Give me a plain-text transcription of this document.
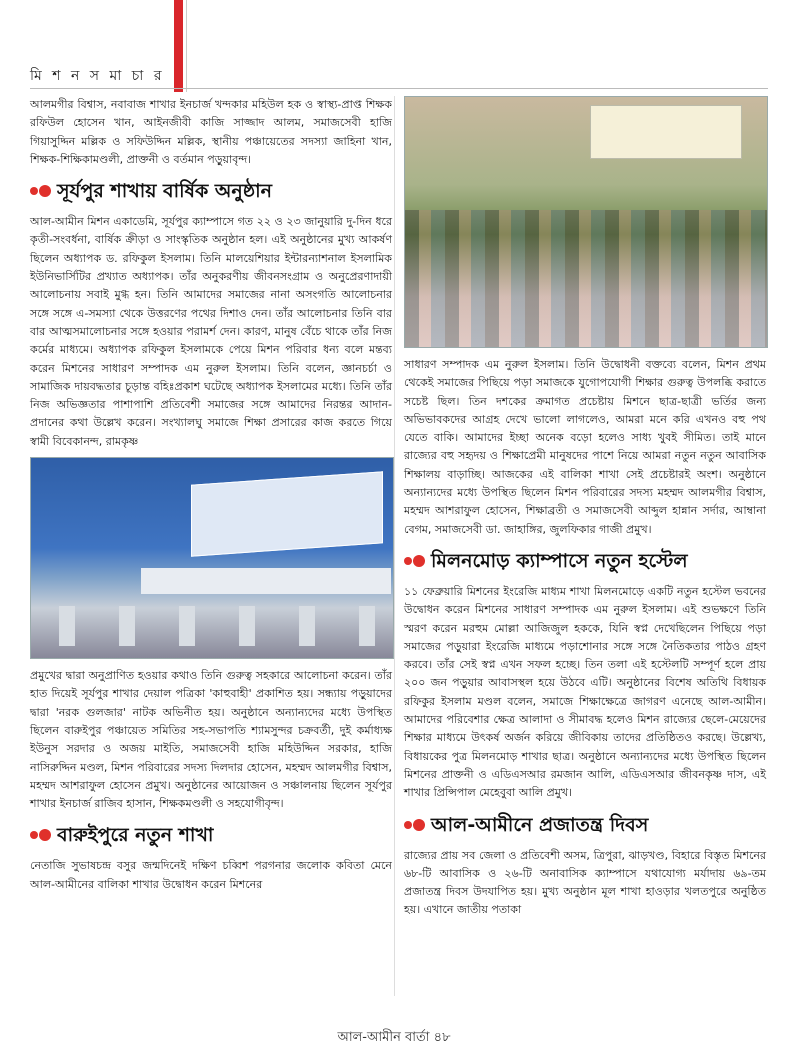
মি শ ন স মা চা র

আলমগীর বিশ্বাস, নবাবাজ শাখার ইনচার্জ খন্দকার মহিউল হক ও স্বাস্থ্য-প্রাপ্ত শিক্ষক রফিউল হোসেন খান, আইনজীবী কাজি সাজ্জাদ আলম, সমাজসেবী হাজি গিয়াসুদ্দিন মল্লিক ও সফিউদ্দিন মল্লিক, স্থানীয় পঞ্চায়েতের সদস্যা জাহিনা খান, শিক্ষক-শিক্ষিকামণ্ডলী, প্রাক্তনী ও বর্তমান পড়ুয়াবৃন্দ।

সূর্যপুর শাখায় বার্ষিক অনুষ্ঠান

আল-আমীন মিশন একাডেমি, সূর্যপুর ক্যাম্পাসে গত ২২ ও ২৩ জানুয়ারি দু-দিন ধরে কৃতী-সংবর্ধনা, বার্ষিক ক্রীড়া ও সাংস্কৃতিক অনুষ্ঠান হল। এই অনুষ্ঠানের মুখ্য আকর্ষণ ছিলেন অধ্যাপক ড. রফিকুল ইসলাম। তিনি মালয়েশিয়ার ইন্টারন্যাশনাল ইসলামিক ইউনিভার্সিটির প্রখ্যাত অধ্যাপক। তাঁর অনুকরণীয় জীবনসংগ্রাম ও অনুপ্রেরণাদায়ী আলোচনায় সবাই মুগ্ধ হন। তিনি আমাদের সমাজের নানা অসংগতি আলোচনার সঙ্গে সঙ্গে এ-সমস্যা থেকে উত্তরণের পথের দিশাও দেন। তাঁর আলোচনার তিনি বার বার আত্মসমালোচনার সঙ্গে হওয়ার পরামর্শ দেন। কারণ, মানুষ বেঁচে থাকে তাঁর নিজ কর্মের মাধ্যমে। অধ্যাপক রফিকুল ইসলামকে পেয়ে মিশন পরিবার ধন্য বলে মন্তব্য করেন মিশনের সাধারণ সম্পাদক এম নুরুল ইসলাম। তিনি বলেন, জ্ঞানচর্চা ও সামাজিক দায়বদ্ধতার চূড়ান্ত বহিঃপ্রকাশ ঘটেছে অধ্যাপক ইসলামের মধ্যে। তিনি তাঁর নিজ অভিজ্ঞতার পাশাপাশি প্রতিবেশী সমাজের সঙ্গে আমাদের নিরন্তর আদান-প্রদানের কথা উল্লেখ করেন। সংখ্যালঘু সমাজে শিক্ষা প্রসারের কাজ করতে গিয়ে স্বামী বিবেকানন্দ, রামকৃষ্ণ

প্রমুখের দ্বারা অনুপ্রাণিত হওয়ার কথাও তিনি গুরুত্ব সহকারে আলোচনা করেন। তাঁর হাত দিয়েই সূর্যপুর শাখার দেয়াল পত্রিকা 'কাহুবাহী' প্রকাশিত হয়। সন্ধ্যায় পড়ুয়াদের দ্বারা 'নরক গুলজার' নাটক অভিনীত হয়। অনুষ্ঠানে অন্যান্যদের মধ্যে উপস্থিত ছিলেন বারুইপুর পঞ্চায়েত সমিতির সহ-সভাপতি শ্যামসুন্দর চক্রবর্তী, দুই কর্মাধ্যক্ষ ইউনুস সরদার ও অজয় মাইতি, সমাজসেবী হাজি মহিউদ্দিন সরকার, হাজি নাসিরুদ্দিন মণ্ডল, মিশন পরিবারের সদস্য দিলদার হোসেন, মহম্মদ আলমগীর বিশ্বাস, মহম্মদ আশরাফুল হোসেন প্রমুখ। অনুষ্ঠানের আয়োজন ও সঞ্চালনায় ছিলেন সূর্যপুর শাখার ইনচার্জ রাজিব হাসান, শিক্ষকমণ্ডলী ও সহযোগীবৃন্দ।

বারুইপুরে নতুন শাখা

নেতাজি সুভাষচন্দ্র বসুর জন্মদিনেই দক্ষিণ চব্বিশ পরগনার জলোক কবিতা মেনে আল-আমীনের বালিকা শাখার উদ্বোধন করেন মিশনের

সাধারণ সম্পাদক এম নুরুল ইসলাম। তিনি উদ্বোধনী বক্তব্যে বলেন, মিশন প্রথম থেকেই সমাজের পিছিয়ে পড়া সমাজকে যুগোপযোগী শিক্ষার গুরুত্ব উপলব্ধি করাতে সচেষ্ট ছিল। তিন দশকের ক্রমাগত প্রচেষ্টায় মিশনে ছাত্র-ছাত্রী ভর্তির জন্য অভিভাবকদের আগ্রহ দেখে ভালো লাগলেও, আমরা মনে করি এখনও বহু পথ যেতে বাকি। আমাদের ইচ্ছা অনেক বড়ো হলেও সাধ্য খুবই সীমিত। তাই মানে রাজ্যের বহু সহৃদয় ও শিক্ষাপ্রেমী মানুষদের পাশে নিয়ে আমরা নতুন নতুন আবাসিক শিক্ষালয় বাড়াচ্ছি। আজকের এই বালিকা শাখা সেই প্রচেষ্টারই অংশ। অনুষ্ঠানে অন্যান্যদের মধ্যে উপস্থিত ছিলেন মিশন পরিবারের সদস্য মহম্মদ আলমগীর বিশ্বাস, মহম্মদ আশরাফুল হোসেন, শিক্ষাব্রতী ও সমাজসেবী আব্দুল হান্নান সর্দার, আম্বানা বেগম, সমাজসেবী ডা. জাহাঙ্গির, জুলফিকার গাজী প্রমুখ।

মিলনমোড় ক্যাম্পাসে নতুন হস্টেল

১১ ফেব্রুয়ারি মিশনের ইংরেজি মাধ্যম শাখা মিলনমোড়ে একটি নতুন হস্টেল ভবনের উদ্বোধন করেন মিশনের সাধারণ সম্পাদক এম নুরুল ইসলাম। এই শুভক্ষণে তিনি স্মরণ করেন মরহুম মোল্লা আজিজুল হককে, যিনি স্বপ্ন দেখেছিলেন পিছিয়ে পড়া সমাজের পড়ুয়ারা ইংরেজি মাধ্যমে পড়াশোনার সঙ্গে সঙ্গে নৈতিকতার পাঠও গ্রহণ করবে। তাঁর সেই স্বপ্ন এখন সফল হচ্ছে। তিন তলা এই হস্টেলটি সম্পূর্ণ হলে প্রায় ২০০ জন পড়ুয়ার আবাসস্থল হয়ে উঠবে এটি। অনুষ্ঠানের বিশেষ অতিথি বিধায়ক রফিকুর ইসলাম মণ্ডল বলেন, সমাজে শিক্ষাক্ষেত্রে জাগরণ এনেছে আল-আমীন। আমাদের পরিবেশার ক্ষেত্র আলাদা ও সীমাবদ্ধ হলেও মিশন রাজ্যের ছেলে-মেয়েদের শিক্ষার মাধ্যমে উৎকর্ষ অর্জন করিয়ে জীবিকায় তাদের প্রতিষ্ঠিতও করছে। উল্লেখ্য, বিধায়কের পুত্র মিলনমোড় শাখার ছাত্র। অনুষ্ঠানে অন্যান্যদের মধ্যে উপস্থিত ছিলেন মিশনের প্রাক্তনী ও এডিএসআর রমজান আলি, এডিএসআর জীবনকৃষ্ণ দাস, এই শাখার প্রিন্সিপাল মেহেবুবা আলি প্রমুখ।

আল-আমীনে প্রজাতন্ত্র দিবস

রাজ্যের প্রায় সব জেলা ও প্রতিবেশী অসম, ত্রিপুরা, ঝাড়খণ্ড, বিহারে বিস্তৃত মিশনের ৬৮-টি আবাসিক ও ২৬-টি অনাবাসিক ক্যাম্পাসে যথাযোগ্য মর্যাদায় ৬৯-তম প্রজাতন্ত্র দিবস উদযাপিত হয়। মুখ্য অনুষ্ঠান মূল শাখা হাওড়ার খলতপুরে অনুষ্ঠিত হয়। এখানে জাতীয় পতাকা

আল-আমীন বার্তা ৪৮
